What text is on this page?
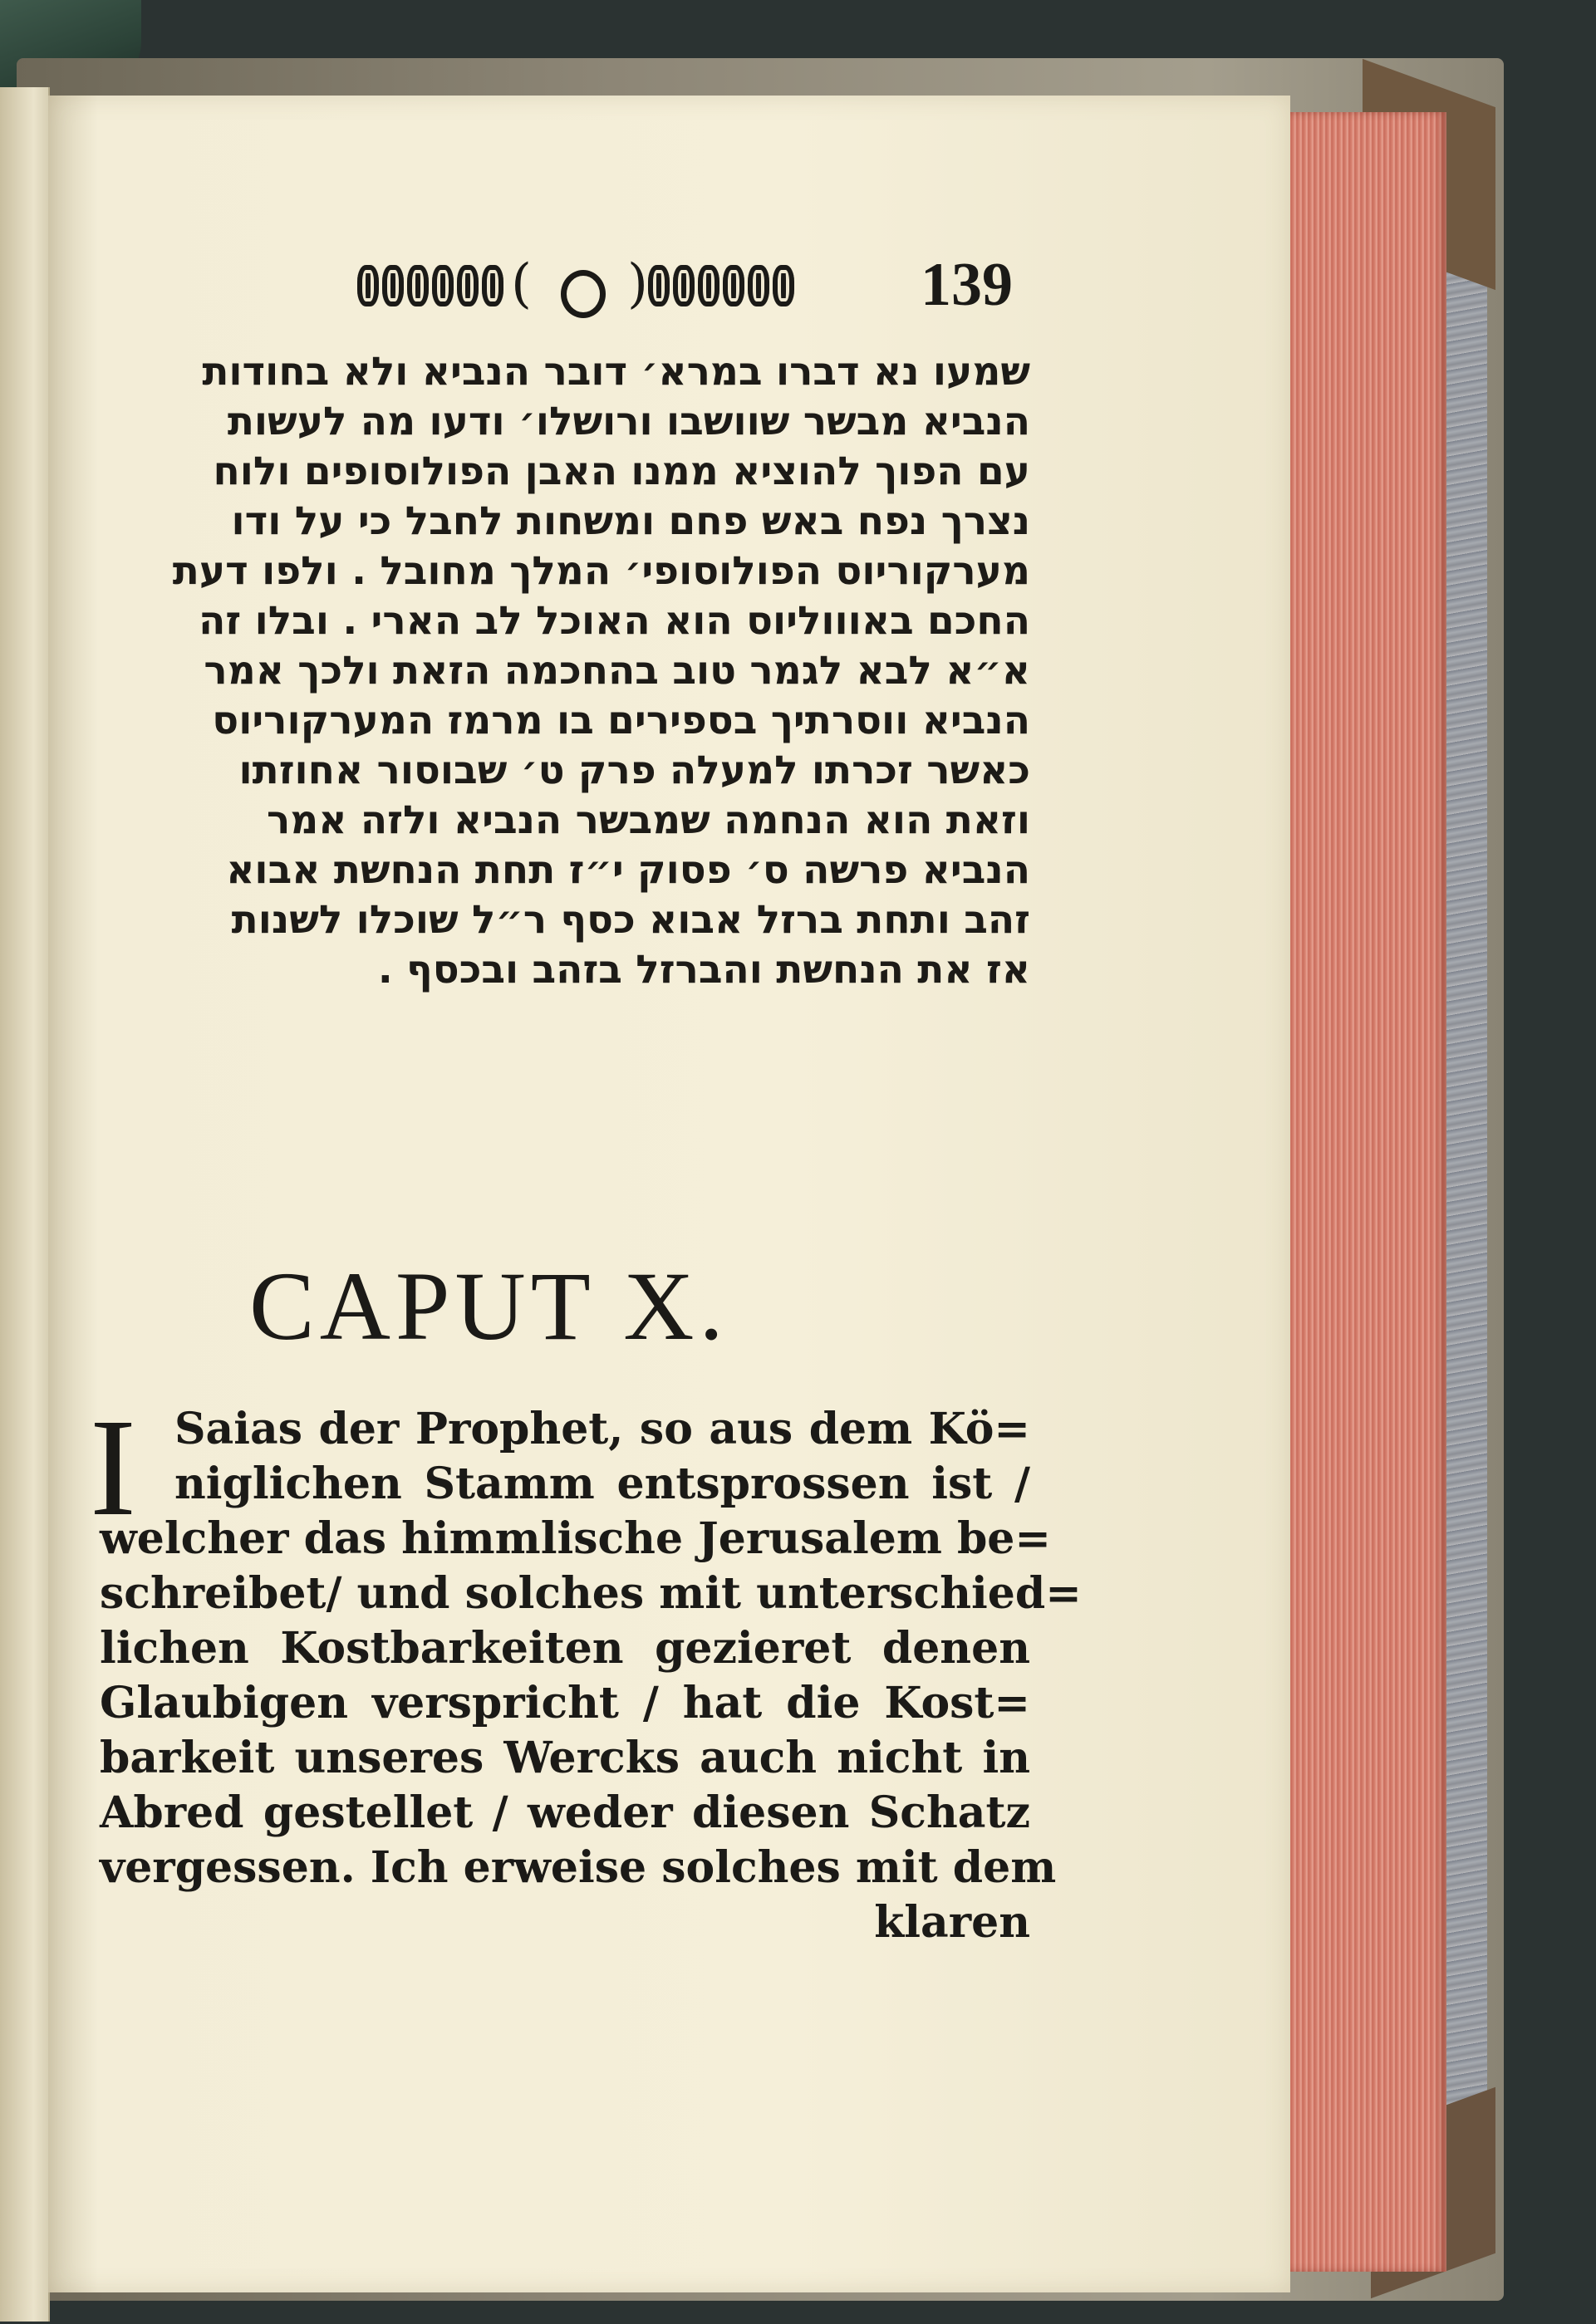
( )	139
שמעו נא דברו במרא׳ דובר הנביא ולא בחודות
הנביא מבשר שוושבו ורושלו׳ ודעו מה לעשות
עם הפוך להוציא ממנו האבן הפולוסופים ולוח
נצרך נפח באש פחם ומשחות לחבל כי על ודו
מערקוריוס הפולוסופי׳ המלך מחובל . ולפו דעת
החכם באוווליוס הוא האוכל לב הארי . ובלו זה
א״א לבא לגמר טוב בהחכמה הזאת ולכך אמר
הנביא ווסרתיך בספירים בו מרמז המערקוריוס
כאשר זכרתו למעלה פרק ט׳ שבוסור אחוזתו
וזאת הוא הנחמה שמבשר הנביא ולזה אמר
הנביא פרשה ס׳ פסוק י״ז תחת הנחשת אבוא
זהב ותחת ברזל אבוא כסף ר״ל שוכלו לשנות
אז את הנחשת והברזל בזהב ובכסף .
CAPUT X.
I Saias der Prophet, so aus dem Kö=
niglichen Stamm entsprossen ist /
welcher das himmlische Jerusalem be=
schreibet/ und solches mit unterschied=
lichen Kostbarkeiten gezieret denen
Glaubigen verspricht / hat die Kost=
barkeit unseres Wercks auch nicht in
Abred gestellet / weder diesen Schatz
vergessen. Ich erweise solches mit dem
klaren
